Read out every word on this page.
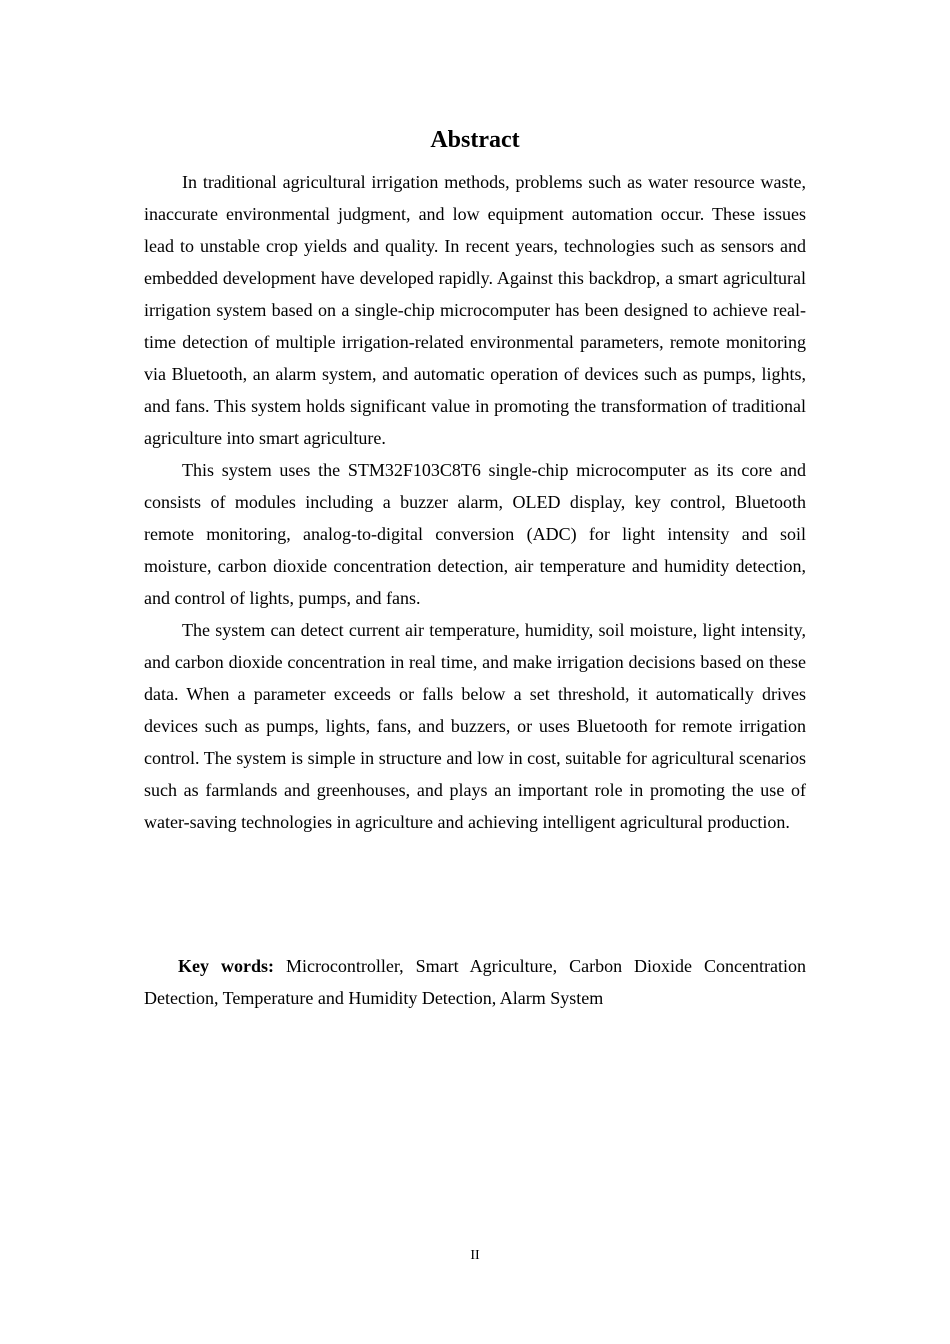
Abstract

In traditional agricultural irrigation methods, problems such as water resource waste, inaccurate environmental judgment, and low equipment automation occur. These issues lead to unstable crop yields and quality. In recent years, technologies such as sensors and embedded development have developed rapidly. Against this backdrop, a smart agricultural irrigation system based on a single-chip microcomputer has been designed to achieve real-time detection of multiple irrigation-related environmental parameters, remote monitoring via Bluetooth, an alarm system, and automatic operation of devices such as pumps, lights, and fans. This system holds significant value in promoting the transformation of traditional agriculture into smart agriculture.

This system uses the STM32F103C8T6 single-chip microcomputer as its core and consists of modules including a buzzer alarm, OLED display, key control, Bluetooth remote monitoring, analog-to-digital conversion (ADC) for light intensity and soil moisture, carbon dioxide concentration detection, air temperature and humidity detection, and control of lights, pumps, and fans.

The system can detect current air temperature, humidity, soil moisture, light intensity, and carbon dioxide concentration in real time, and make irrigation decisions based on these data. When a parameter exceeds or falls below a set threshold, it automatically drives devices such as pumps, lights, fans, and buzzers, or uses Bluetooth for remote irrigation control. The system is simple in structure and low in cost, suitable for agricultural scenarios such as farmlands and greenhouses, and plays an important role in promoting the use of water-saving technologies in agriculture and achieving intelligent agricultural production.

Key words: Microcontroller, Smart Agriculture, Carbon Dioxide Concentration Detection, Temperature and Humidity Detection, Alarm System

II
